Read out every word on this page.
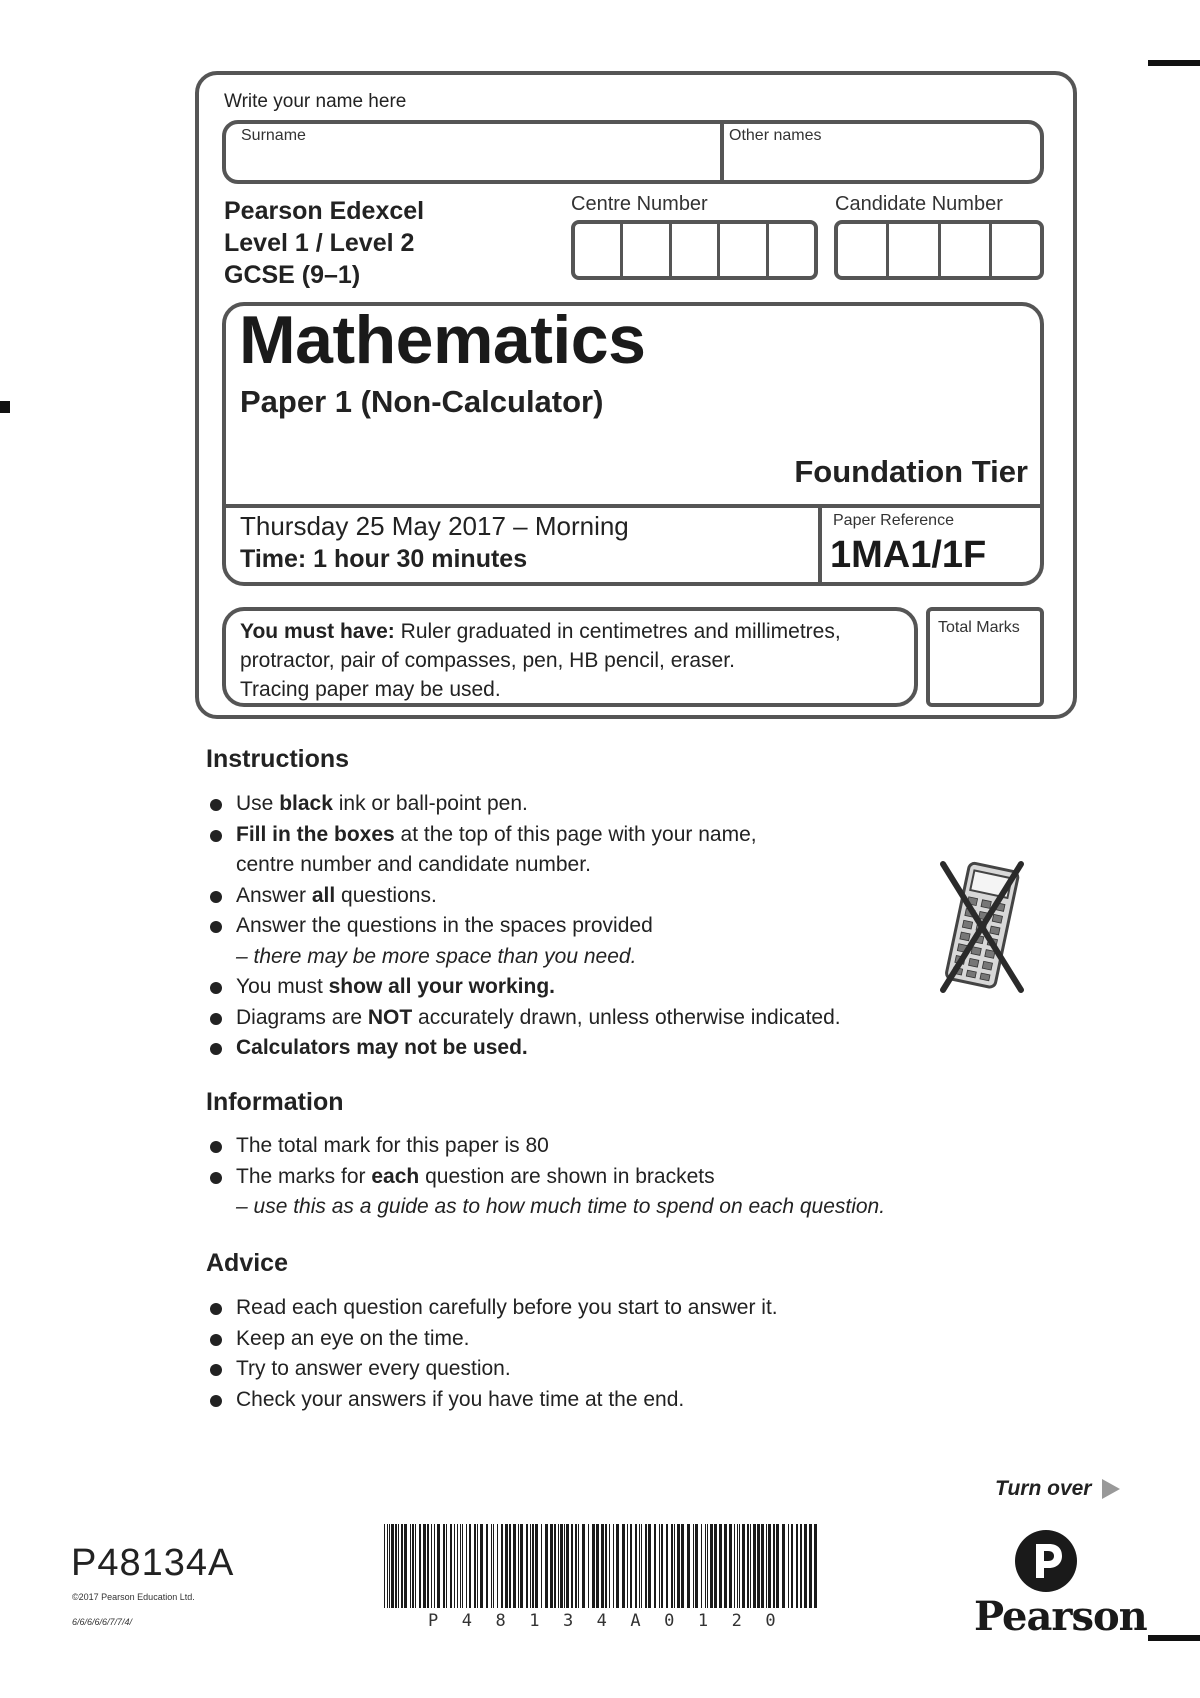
Write your name here
Surname	Other names
Pearson Edexcel
Level 1 / Level 2
GCSE (9–1)
Centre Number	Candidate Number
Mathematics
Paper 1 (Non-Calculator)
Foundation Tier
Thursday 25 May 2017 – Morning
Time: 1 hour 30 minutes
Paper Reference
1MA1/1F
You must have: Ruler graduated in centimetres and millimetres, protractor, pair of compasses, pen, HB pencil, eraser.
Tracing paper may be used.
Total Marks
Instructions
Use black ink or ball-point pen.
Fill in the boxes at the top of this page with your name,
centre number and candidate number.
Answer all questions.
Answer the questions in the spaces provided
– there may be more space than you need.
You must show all your working.
Diagrams are NOT accurately drawn, unless otherwise indicated.
Calculators may not be used.
Information
The total mark for this paper is 80
The marks for each question are shown in brackets
– use this as a guide as to how much time to spend on each question.
Advice
Read each question carefully before you start to answer it.
Keep an eye on the time.
Try to answer every question.
Check your answers if you have time at the end.
Turn over
P48134A
©2017 Pearson Education Ltd.
6/6/6/6/6/7/7/4/	P48134A0120	Pearson
